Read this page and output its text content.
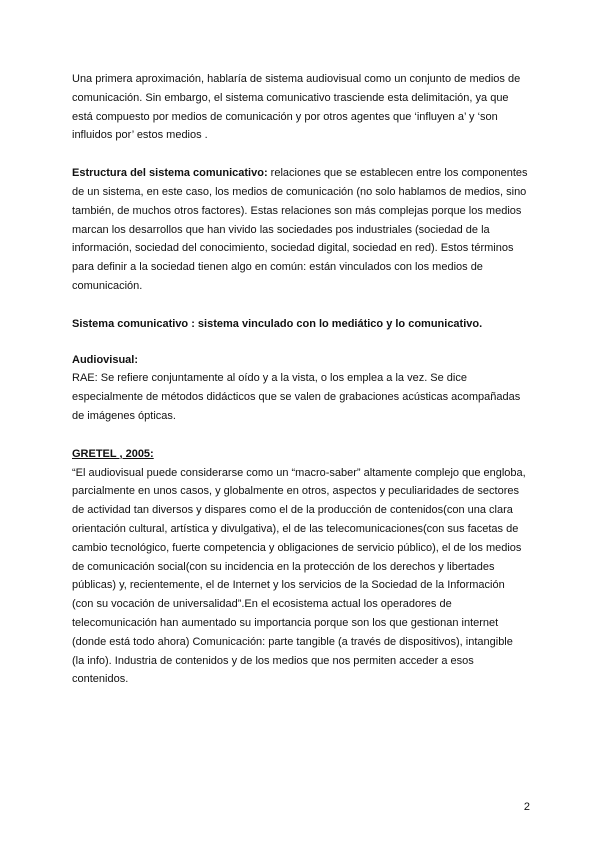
Una primera aproximación, hablaría de sistema audiovisual como un conjunto de medios de comunicación. Sin embargo, el sistema comunicativo trasciende esta delimitación, ya que está compuesto por medios de comunicación y por otros agentes que ‘influyen a’ y ‘son influidos por’ estos medios .

Estructura del sistema comunicativo: relaciones que se establecen entre los componentes de un sistema, en este caso, los medios de comunicación (no solo hablamos de medios, sino también, de muchos otros factores). Estas relaciones son más complejas porque los medios marcan los desarrollos que han vivido las sociedades pos industriales (sociedad de la información, sociedad del conocimiento, sociedad digital, sociedad en red). Estos términos para definir a la sociedad tienen algo en común: están vinculados con los medios de comunicación.

Sistema comunicativo : sistema vinculado con lo mediático y lo comunicativo.

Audiovisual:

RAE: Se refiere conjuntamente al oído y a la vista, o los emplea a la vez. Se dice especialmente de métodos didácticos que se valen de grabaciones acústicas acompañadas de imágenes ópticas.

GRETEL , 2005:

“El audiovisual puede considerarse como un “macro-saber” altamente complejo que engloba, parcialmente en unos casos, y globalmente en otros, aspectos y peculiaridades de sectores de actividad tan diversos y dispares como el de la producción de contenidos(con una clara orientación cultural, artística y divulgativa), el de las telecomunicaciones(con sus facetas de cambio tecnológico, fuerte competencia y obligaciones de servicio público), el de los medios de comunicación social(con su incidencia en la protección de los derechos y libertades públicas) y, recientemente, el de Internet y los servicios de la Sociedad de la Información (con su vocación de universalidad”.En el ecosistema actual los operadores de telecomunicación han aumentado su importancia porque son los que gestionan internet (donde está todo ahora) Comunicación: parte tangible (a través de dispositivos), intangible (la info). Industria de contenidos y de los medios que nos permiten acceder a esos contenidos.

2
